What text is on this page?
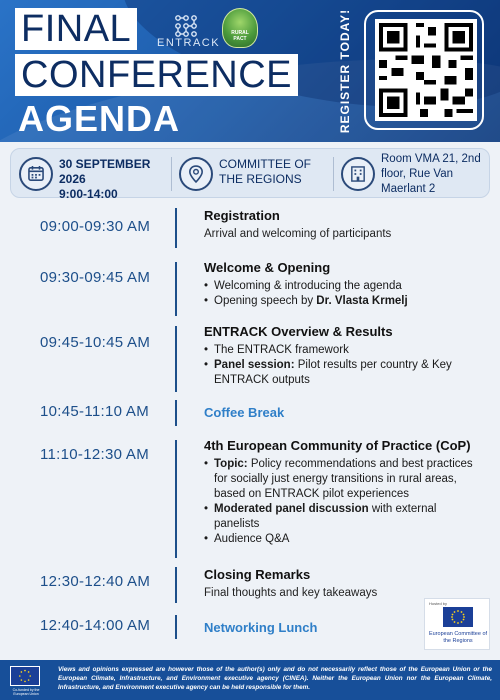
FINAL
CONFERENCE
AGENDA
ENTRACK
RURAL PACT	REGISTER TODAY!
30 SEPTEMBER 2026
9:00-14:00
COMMITTEE OF THE REGIONS
Room VMA 21, 2nd floor, Rue Van Maerlant 2
09:00-09:30 AM
Registration
Arrival and welcoming of participants
09:30-09:45 AM
Welcome & Opening
• Welcoming & introducing the agenda
• Opening speech by Dr. Vlasta Krmelj
09:45-10:45 AM
ENTRACK Overview & Results
• The ENTRACK framework
• Panel session: Pilot results per country & Key ENTRACK outputs
10:45-11:10 AM	Coffee Break
11:10-12:30 AM
4th European Community of Practice (CoP)
• Topic: Policy recommendations and best practices for socially just energy transitions in rural areas, based on ENTRACK pilot experiences
• Moderated panel discussion with external panelists
• Audience Q&A
12:30-12:40 AM	Closing Remarks
Final thoughts and key takeaways
12:40-14:00 AM	Networking Lunch
Hosted by
European Committee of the Regions
Co-funded by the European Union
Views and opinions expressed are however those of the author(s) only and do not necessarily reflect those of the European Union or the European Climate, Infrastructure, and Environment executive agency (CINEA). Neither the European Union nor the European Climate, Infrastructure, and Environment executive agency can be held responsible for them.
